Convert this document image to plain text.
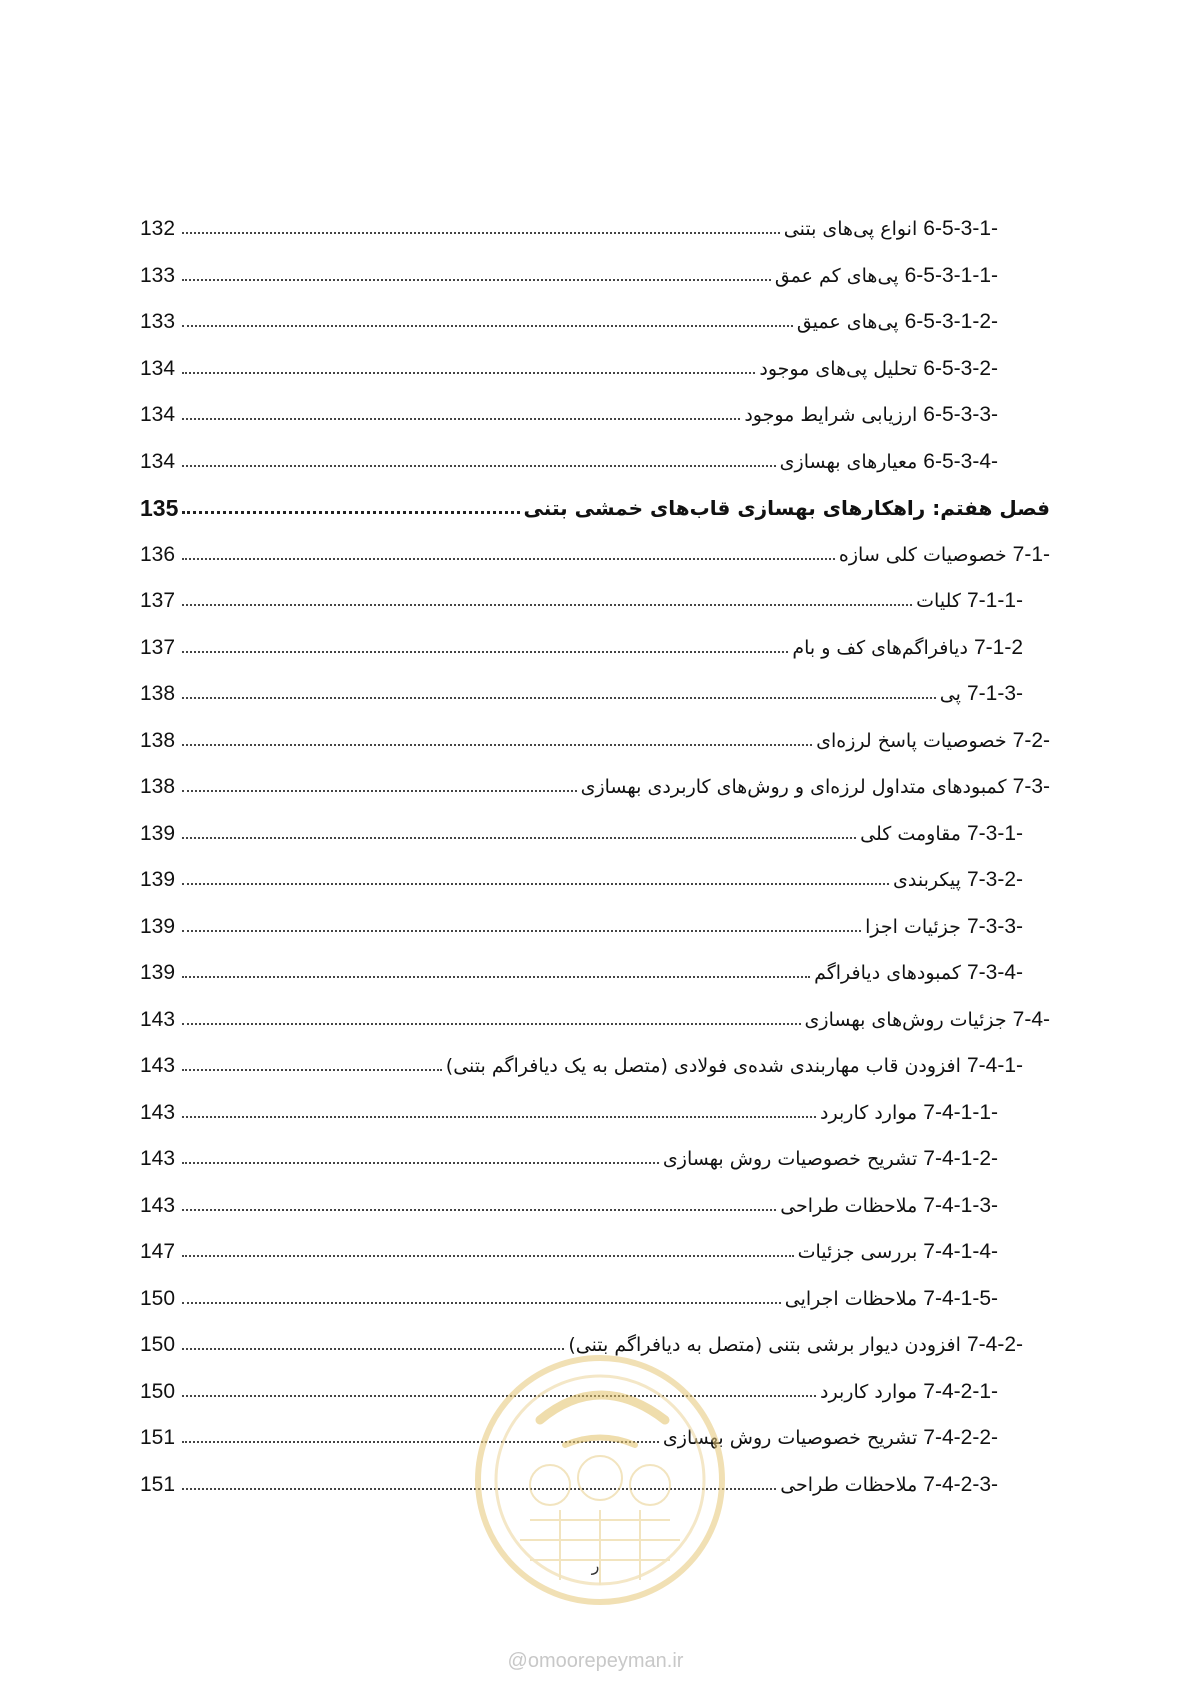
132	6-5-3-1- انواع پی‌های بتنی
133	6-5-3-1-1- پی‌های کم عمق
133	6-5-3-1-2- پی‌های عمیق
134	6-5-3-2- تحلیل پی‌های موجود
134	6-5-3-3- ارزیابی شرایط موجود
134	6-5-3-4- معیارهای بهسازی
135	فصل هفتم: راهکارهای بهسازی قاب‌های خمشی بتنی
136	7-1- خصوصیات کلی سازه
137	7-1-1- کلیات
137	7-1-2 دیافراگم‌های کف و بام
138	7-1-3- پی
138	7-2- خصوصیات پاسخ لرزه‌ای
138	7-3- کمبودهای متداول لرزه‌ای و روش‌های کاربردی بهسازی
139	7-3-1- مقاومت کلی
139	7-3-2- پیکربندی
139	7-3-3- جزئیات اجزا
139	7-3-4- کمبودهای دیافراگم
143	7-4- جزئیات روش‌های بهسازی
143	7-4-1- افزودن قاب مهاربندی شده‌ی فولادی (متصل به یک دیافراگم بتنی)
143	7-4-1-1- موارد کاربرد
143	7-4-1-2- تشریح خصوصیات روش بهسازی
143	7-4-1-3- ملاحظات طراحی
147	7-4-1-4- بررسی جزئیات
150	7-4-1-5- ملاحظات اجرایی
150	7-4-2- افزودن دیوار برشی بتنی (متصل به دیافراگم بتنی)
150	7-4-2-1- موارد کاربرد
151	7-4-2-2- تشریح خصوصیات روش بهسازی
151	7-4-2-3- ملاحظات طراحی
ر
@omoorepeyman.ir
